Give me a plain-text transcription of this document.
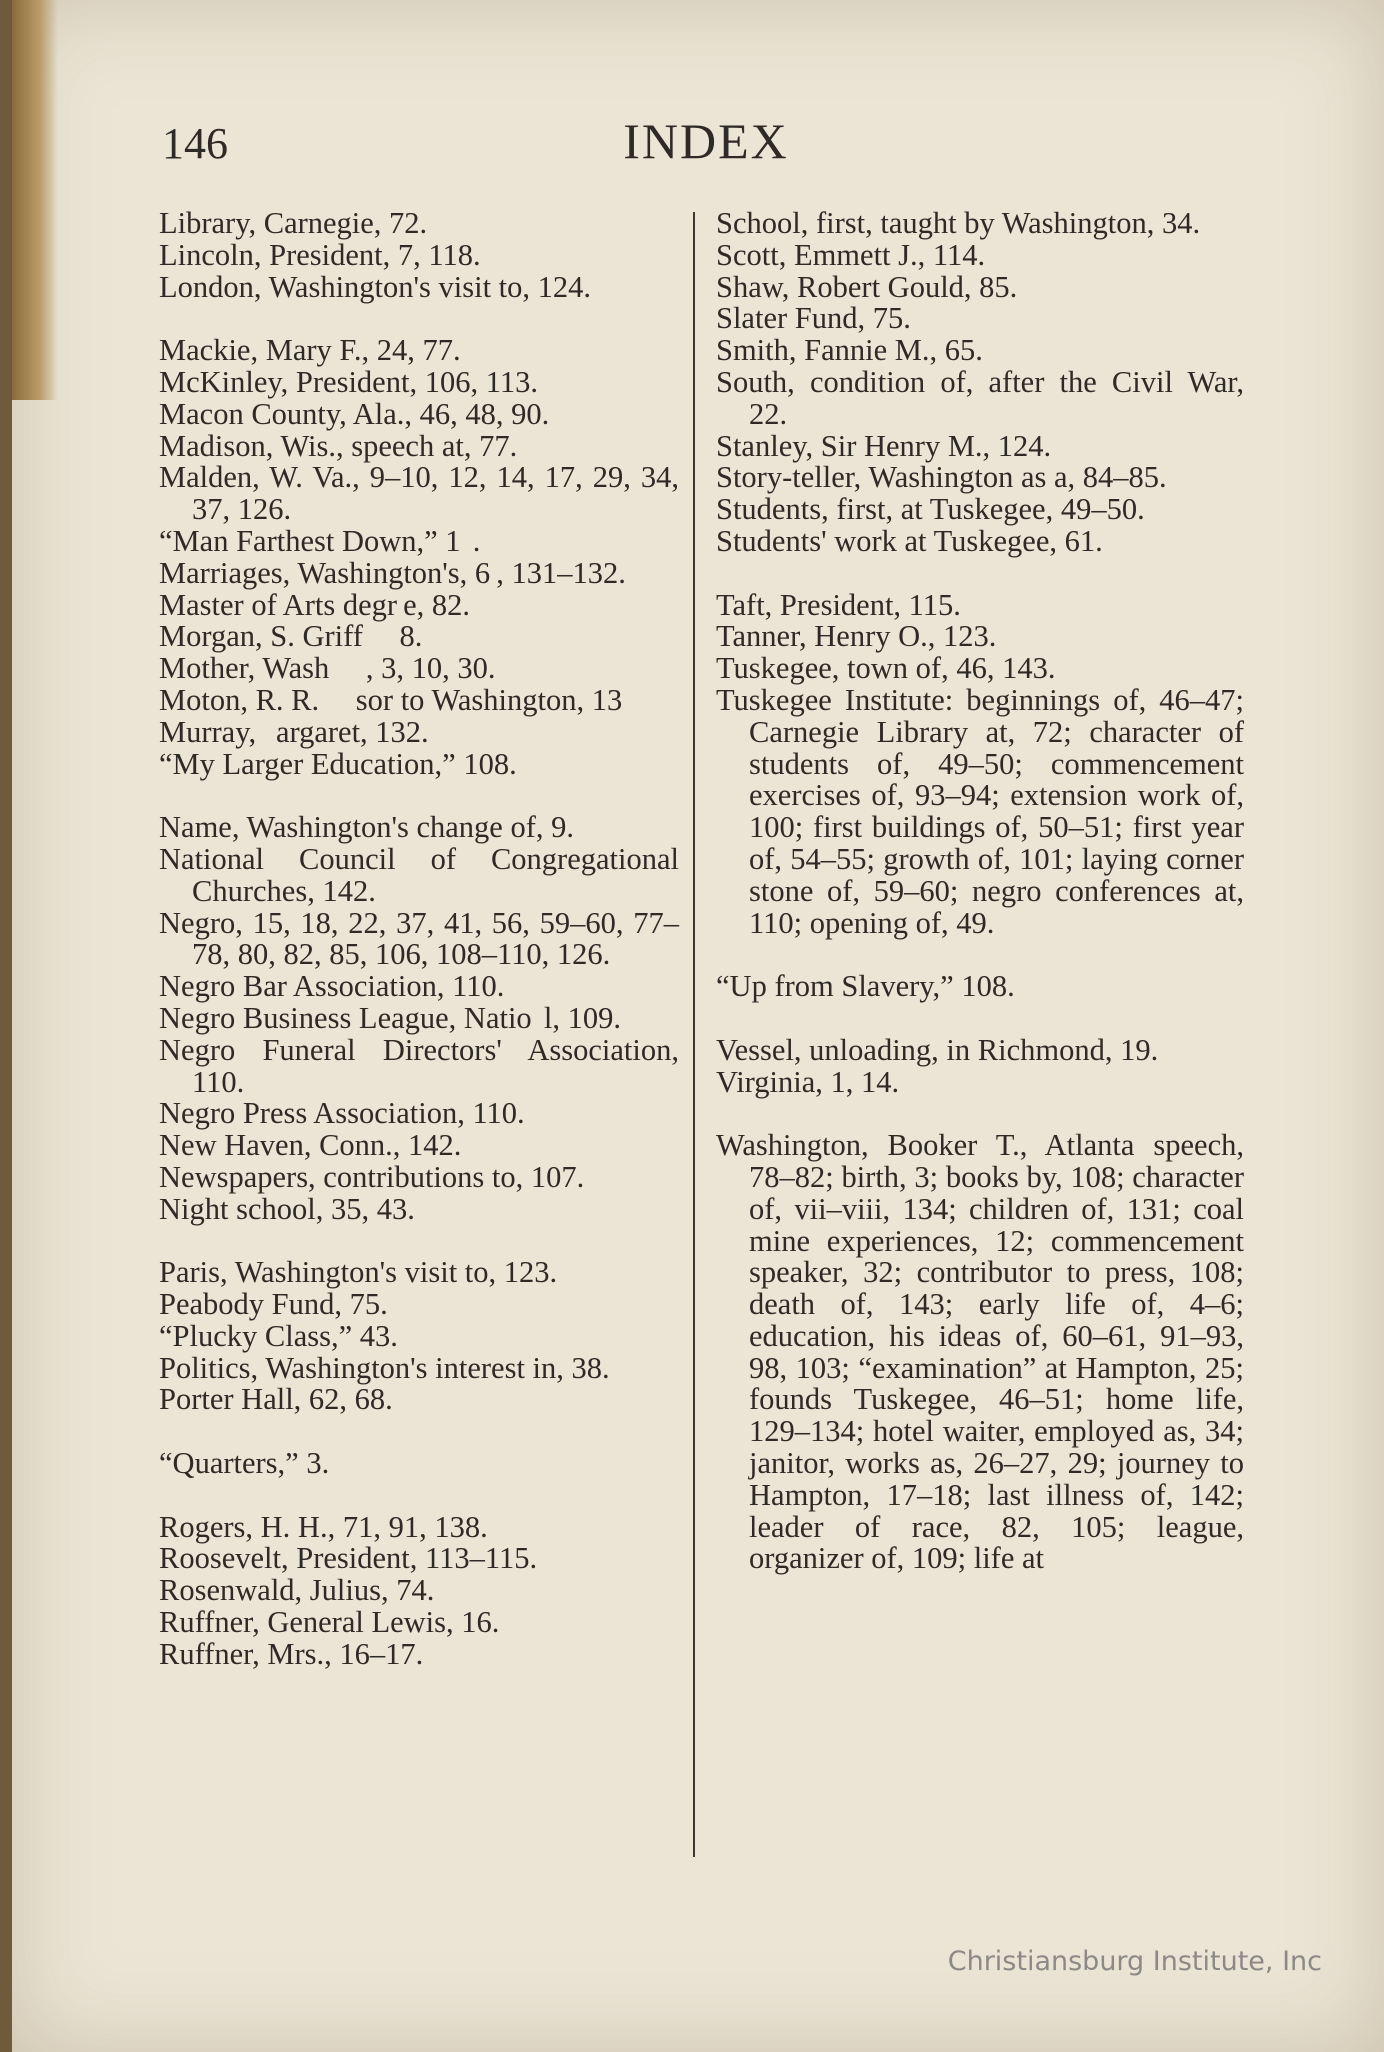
146	INDEX
Library, Carnegie, 72.
Lincoln, President, 7, 118.
London, Washington's visit to, 124.
Mackie, Mary F., 24, 77.
McKinley, President, 106, 113.
Macon County, Ala., 46, 48, 90.
Madison, Wis., speech at, 77.
Malden, W. Va., 9–10, 12, 14, 17, 29, 34, 37, 126.
“Man Farthest Down,” 1  .
Marriages, Washington's, 6 , 131–132.
Master of Arts degr e, 82.
Morgan, S. Griff      8.
Mother, Wash      , 3, 10, 30.
Moton, R. R.      sor to Washington, 13 
Murray,   argaret, 132.
“My Larger Education,” 108.
Name, Washington's change of, 9.
National Council of Congregational Churches, 142.
Negro, 15, 18, 22, 37, 41, 56, 59–60, 77–78, 80, 82, 85, 106, 108–110, 126.
Negro Bar Association, 110.
Negro Business League, Natio  l, 109.
Negro Funeral Directors' Association, 110.
Negro Press Association, 110.
New Haven, Conn., 142.
Newspapers, contributions to, 107.
Night school, 35, 43.
Paris, Washington's visit to, 123.
Peabody Fund, 75.
“Plucky Class,” 43.
Politics, Washington's interest in, 38.
Porter Hall, 62, 68.
“Quarters,” 3.
Rogers, H. H., 71, 91, 138.
Roosevelt, President, 113–115.
Rosenwald, Julius, 74.
Ruffner, General Lewis, 16.
Ruffner, Mrs., 16–17.
School, first, taught by Washington, 34.
Scott, Emmett J., 114.
Shaw, Robert Gould, 85.
Slater Fund, 75.
Smith, Fannie M., 65.
South, condition of, after the Civil War, 22.
Stanley, Sir Henry M., 124.
Story-teller, Washington as a, 84–85.
Students, first, at Tuskegee, 49–50.
Students' work at Tuskegee, 61.
Taft, President, 115.
Tanner, Henry O., 123.
Tuskegee, town of, 46, 143.
Tuskegee Institute: beginnings of, 46–47; Carnegie Library at, 72; character of students of, 49–50; commencement exercises of, 93–94; extension work of, 100; first buildings of, 50–51; first year of, 54–55; growth of, 101; laying corner stone of, 59–60; negro conferences at, 110; opening of, 49.
“Up from Slavery,” 108.
Vessel, unloading, in Richmond, 19.
Virginia, 1, 14.
Washington, Booker T., Atlanta speech, 78–82; birth, 3; books by, 108; character of, vii–viii, 134; children of, 131; coal mine experiences, 12; commencement speaker, 32; contributor to press, 108; death of, 143; early life of, 4–6; education, his ideas of, 60–61, 91–93, 98, 103; “examination” at Hampton, 25; founds Tuskegee, 46–51; home life, 129–134; hotel waiter, employed as, 34; janitor, works as, 26–27, 29; journey to Hampton, 17–18; last illness of, 142; leader of race, 82, 105; league, organizer of, 109; life at
Christiansburg Institute, Inc
